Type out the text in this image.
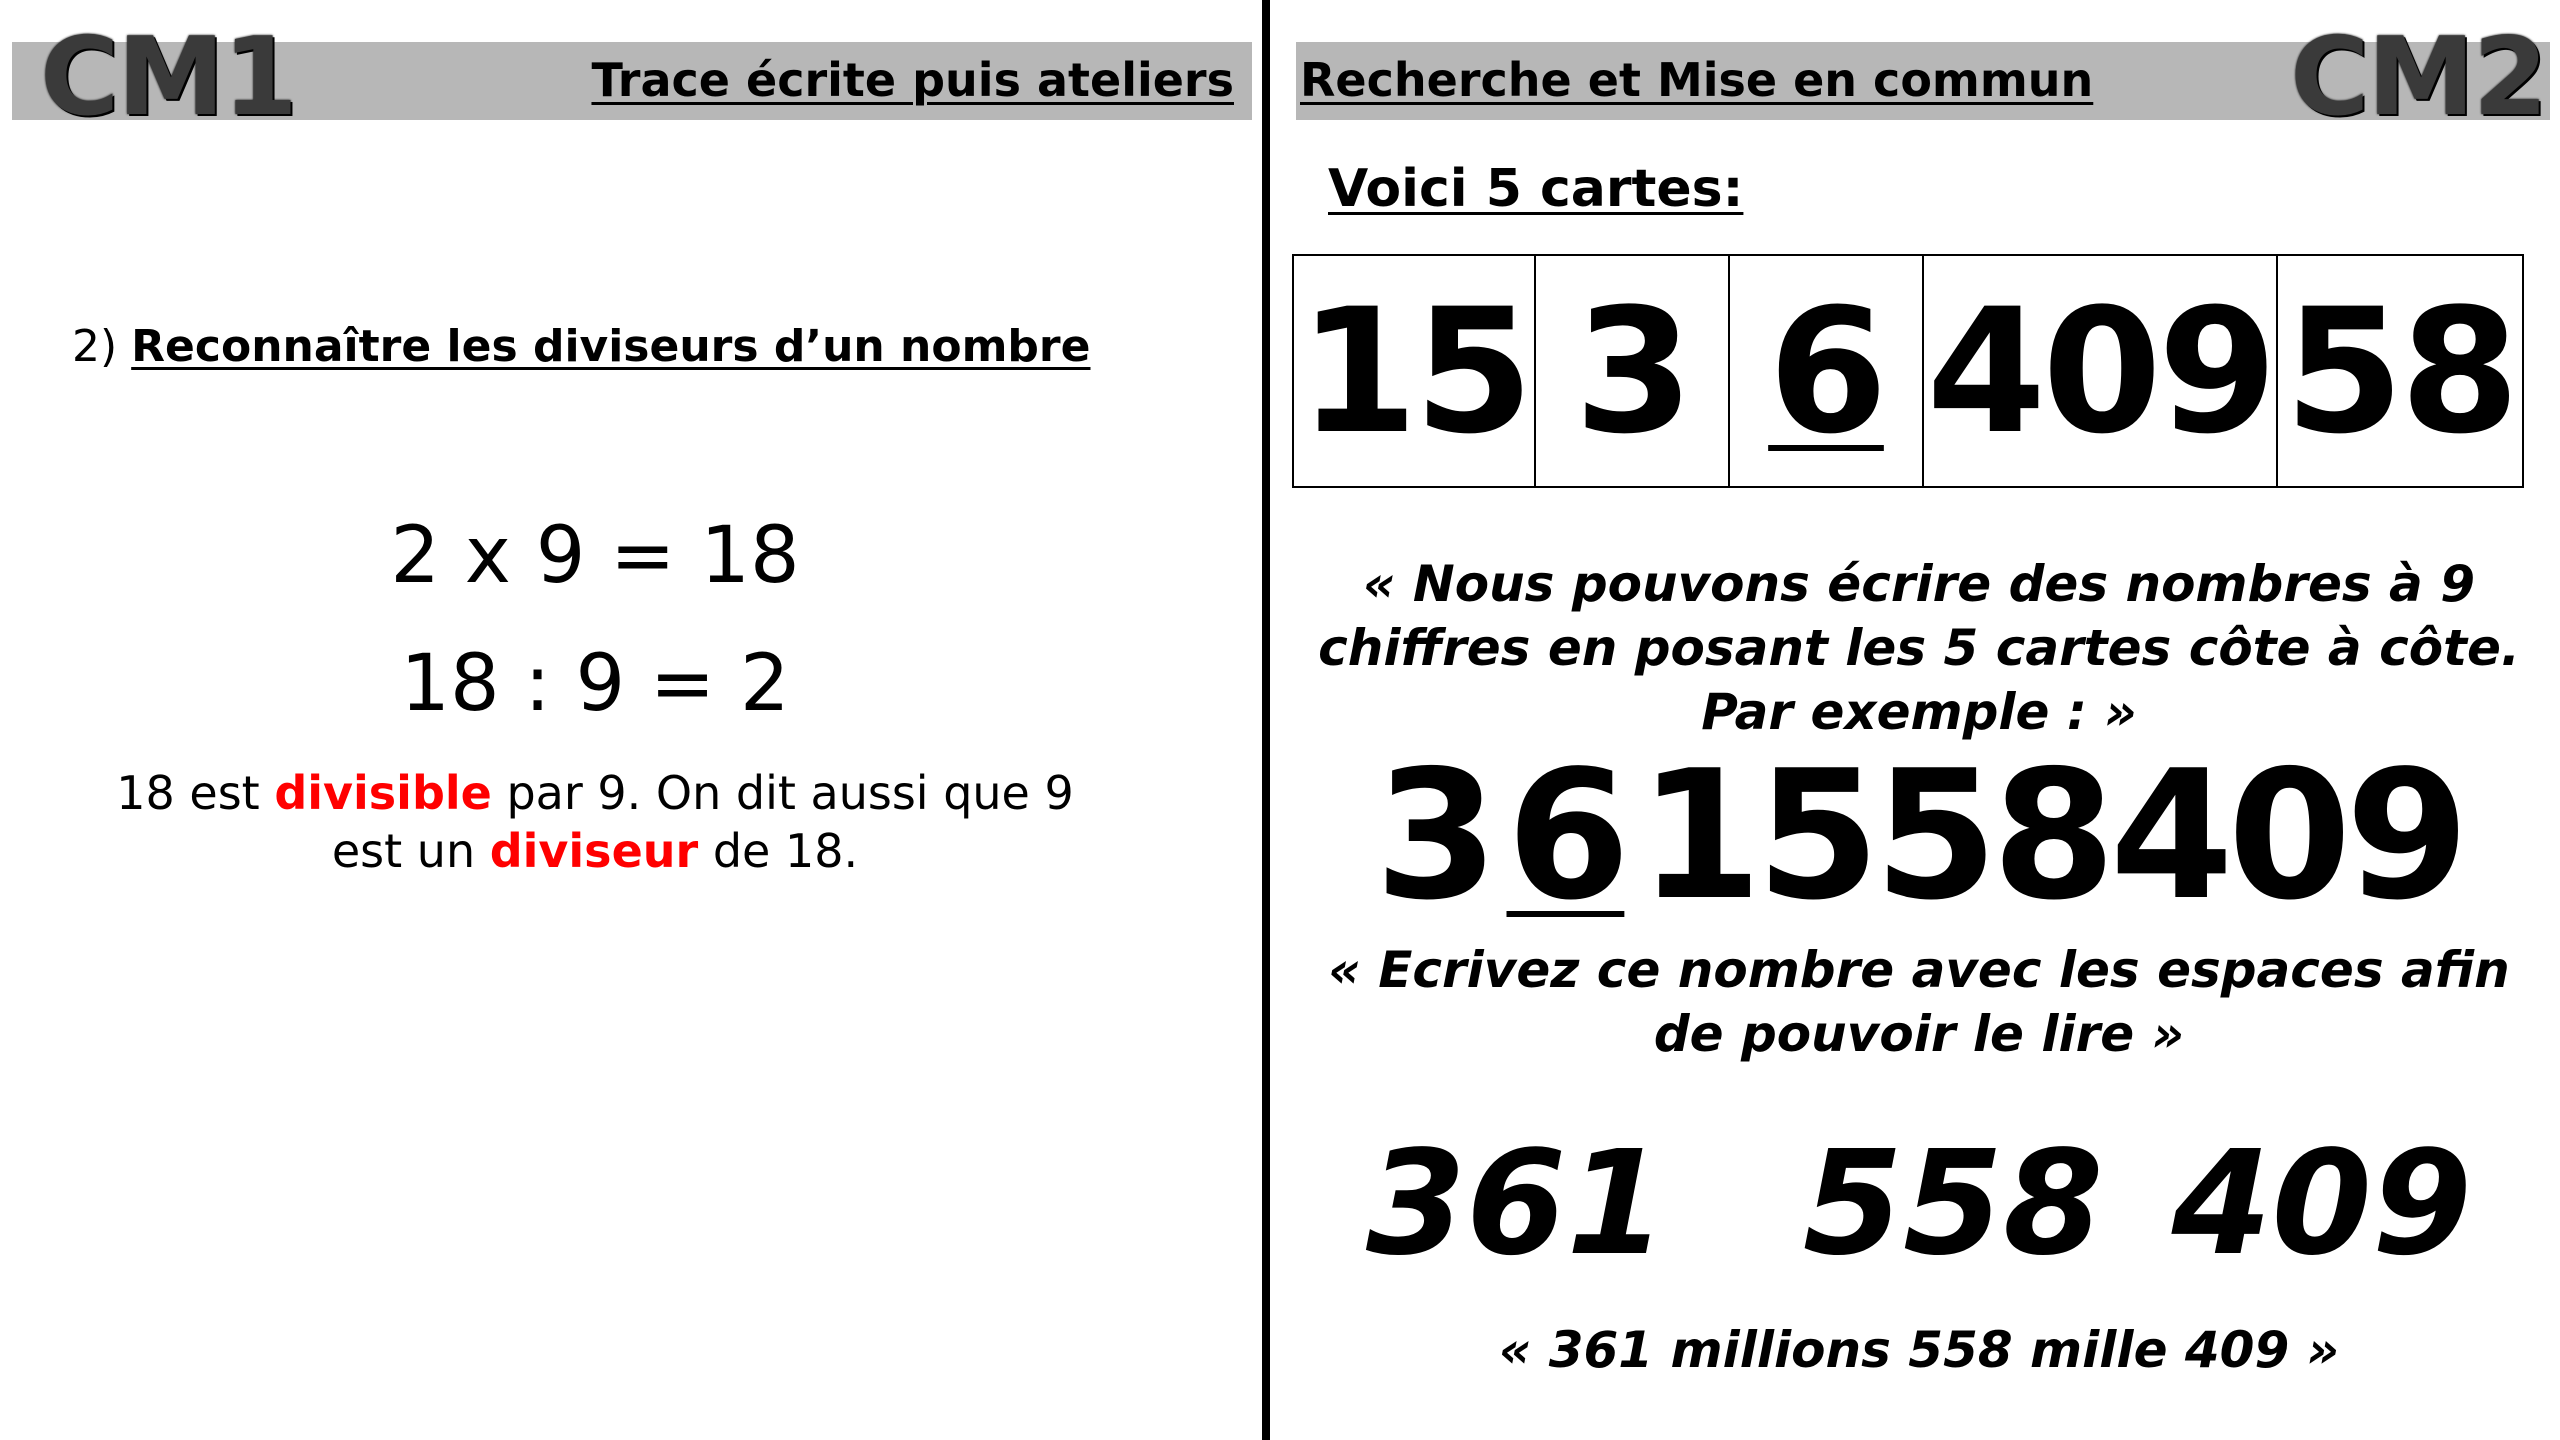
CM1	Trace écrite puis ateliers
2) Reconnaître les diviseurs d’un nombre
2 x 9 = 18
18 : 9 = 2
18 est divisible par 9. On dit aussi que 9
est un diviseur de 18.
Recherche et Mise en commun CM2
Voici 5 cartes:
15 3 6 409 58
« Nous pouvons écrire des nombres à 9
chiffres en posant les 5 cartes côte à côte.
Par exemple : »
361558409
« Ecrivez ce nombre avec les espaces afin
de pouvoir le lire »
361  558 409
« 361 millions 558 mille 409 »
